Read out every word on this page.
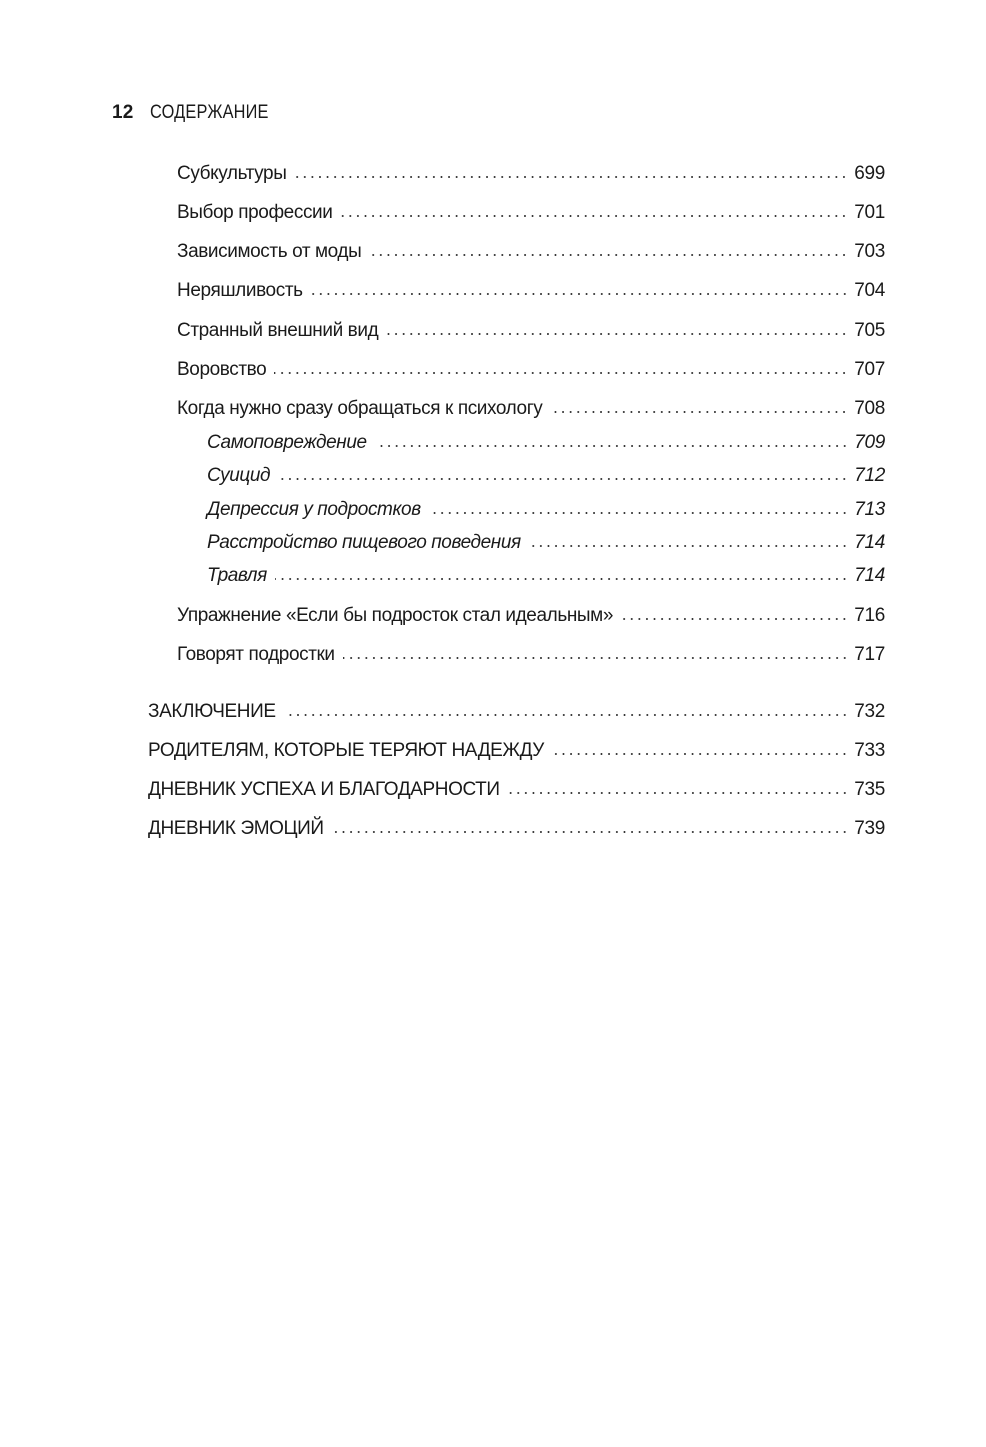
12 СОДЕРЖАНИЕ
Субкультуры	699
Выбор профессии	701
Зависимость от моды	703
Неряшливость	704
Странный внешний вид	705
Воровство	707
Когда нужно сразу обращаться к психологу	708
Самоповреждение	709
Суицид	712
Депрессия у подростков	713
Расстройство пищевого поведения	714
Травля	714
Упражнение «Если бы подросток стал идеальным»	716
Говорят подростки	717
ЗАКЛЮЧЕНИЕ	732
РОДИТЕЛЯМ, КОТОРЫЕ ТЕРЯЮТ НАДЕЖДУ	733
ДНЕВНИК УСПЕХА И БЛАГОДАРНОСТИ	735
ДНЕВНИК ЭМОЦИЙ	739
